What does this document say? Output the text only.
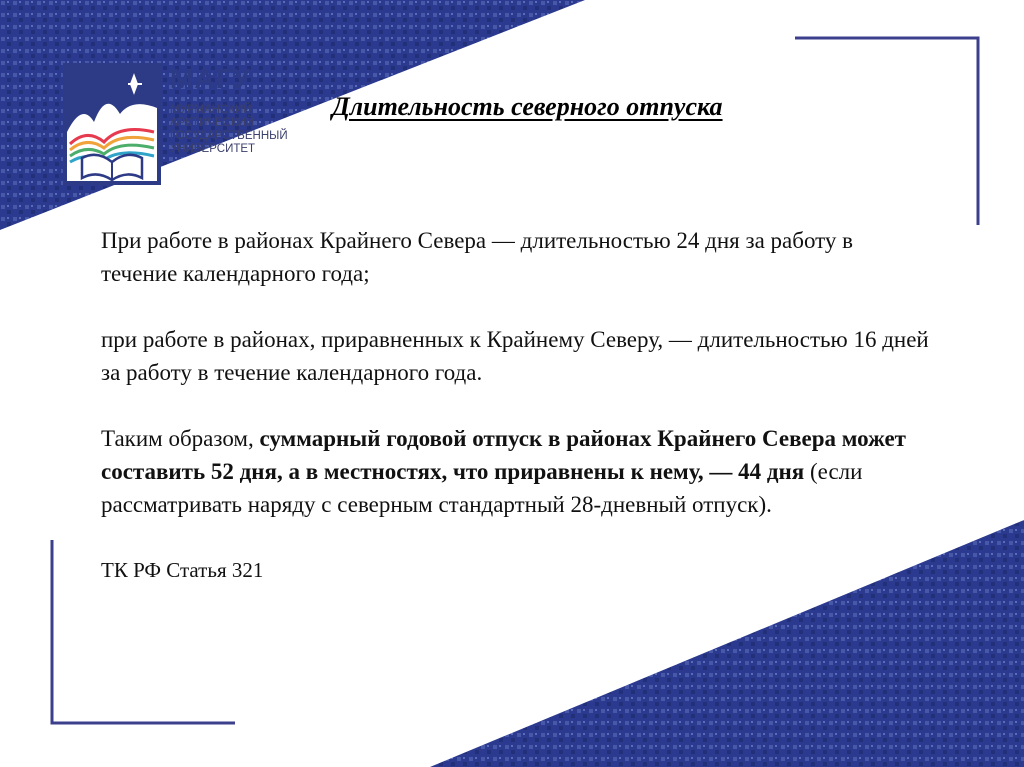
МАГУ
МУРМАНСКИЙ
АРКТИЧЕСКИЙ
ГОСУДАРСТВЕННЫЙ
УНИВЕРСИТЕТ
Длительность северного отпуска

При работе в районах Крайнего Севера — длительностью 24 дня за работу в течение календарного года;

при работе в районах, приравненных к Крайнему Северу, — длительностью 16 дней за работу в течение календарного года.

Таким образом, суммарный годовой отпуск в районах Крайнего Севера может составить 52 дня, а в местностях, что приравнены к нему, — 44 дня (если рассматривать наряду с северным стандартный 28-дневный отпуск).

ТК РФ Статья 321
